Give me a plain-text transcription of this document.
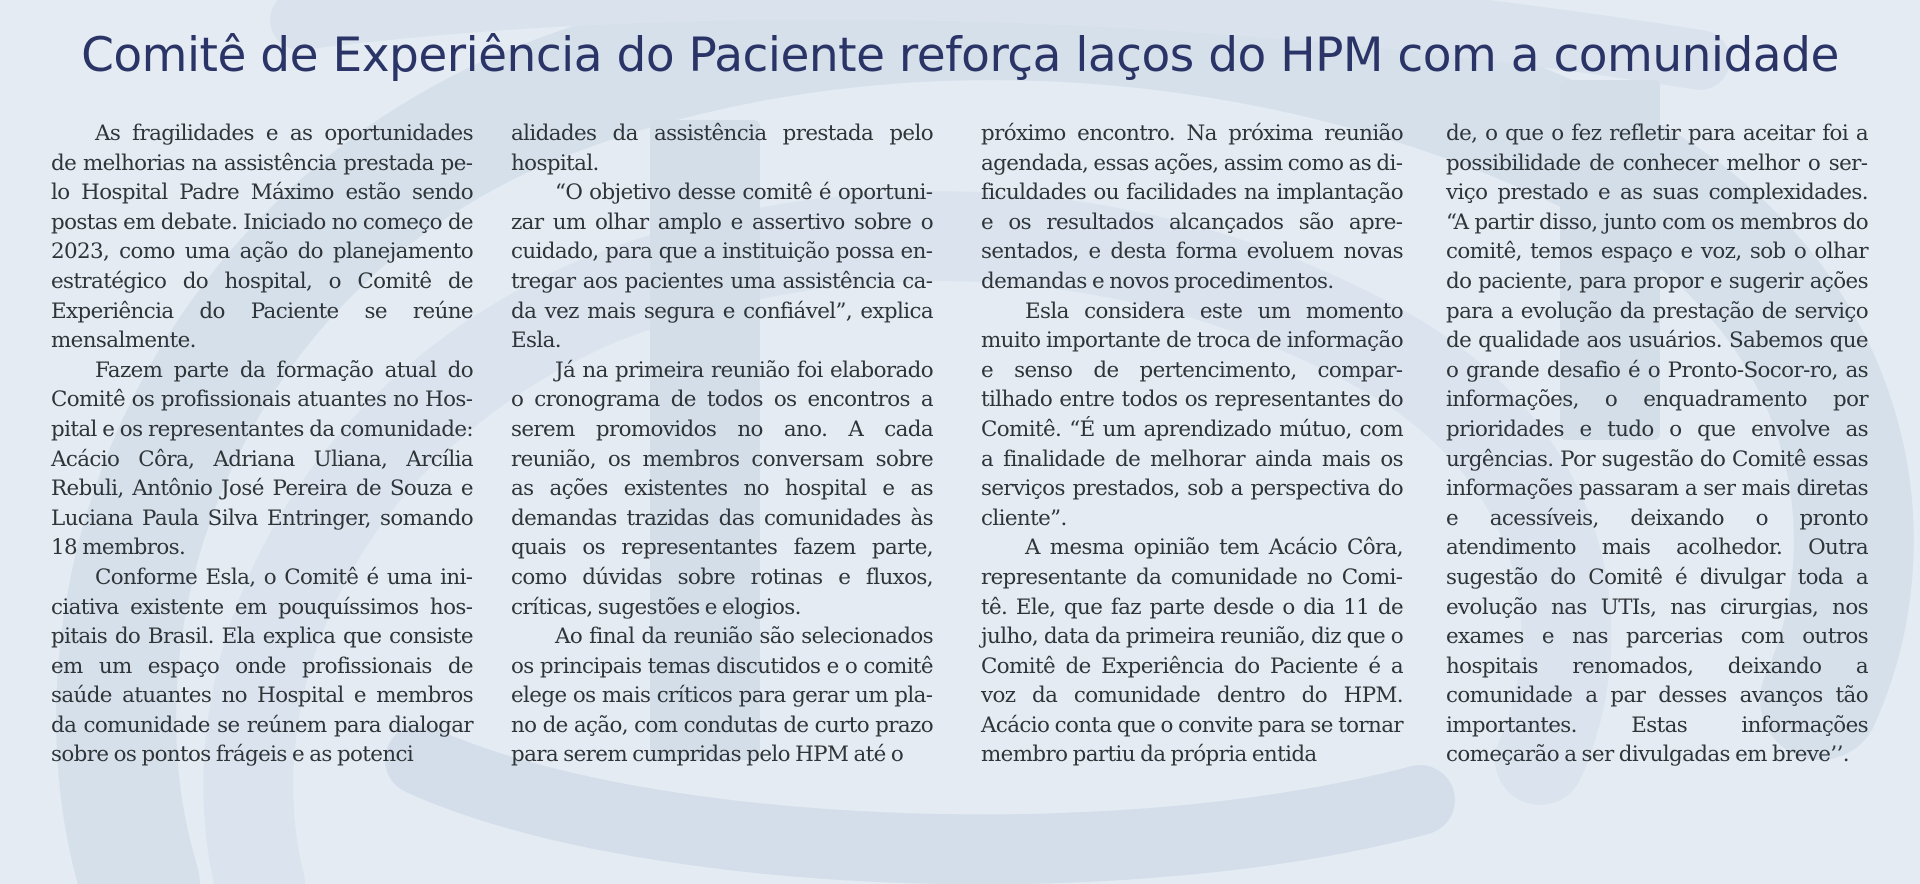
Comitê de Experiência do Paciente reforça laços do HPM com a comunidade

As fragilidades e as oportunidades de melhorias na assistência prestada pelo Hospital Padre Máximo estão sendo postas em debate. Iniciado no começo de 2023, como uma ação do planejamento estratégico do hospital, o Comitê de Experiência do Paciente se reúne mensalmente.

Fazem parte da formação atual do Comitê os profissionais atuantes no Hospital e os representantes da comunidade: Acácio Côra, Adriana Uliana, Arcília Rebuli, Antônio José Pereira de Souza e Luciana Paula Silva Entringer, somando 18 membros.

Conforme Esla, o Comitê é uma iniciativa existente em pouquíssimos hospitais do Brasil. Ela explica que consiste em um espaço onde profissionais de saúde atuantes no Hospital e membros da comunidade se reúnem para dialogar sobre os pontos frágeis e as potenci

alidades da assistência prestada pelo hospital.

“O objetivo desse comitê é oportunizar um olhar amplo e assertivo sobre o cuidado, para que a instituição possa entregar aos pacientes uma assistência cada vez mais segura e confiável”, explica Esla.

Já na primeira reunião foi elaborado o cronograma de todos os encontros a serem promovidos no ano. A cada reunião, os membros conversam sobre as ações existentes no hospital e as demandas trazidas das comunidades às quais os representantes fazem parte, como dúvidas sobre rotinas e fluxos, críticas, sugestões e elogios.

Ao final da reunião são selecionados os principais temas discutidos e o comitê elege os mais críticos para gerar um plano de ação, com condutas de curto prazo para serem cumpridas pelo HPM até o

próximo encontro. Na próxima reunião agendada, essas ações, assim como as dificuldades ou facilidades na implantação e os resultados alcançados são apresentados, e desta forma evoluem novas demandas e novos procedimentos.

Esla considera este um momento muito importante de troca de informação e senso de pertencimento, compartilhado entre todos os representantes do Comitê. “É um aprendizado mútuo, com a finalidade de melhorar ainda mais os serviços prestados, sob a perspectiva do cliente”.

A mesma opinião tem Acácio Côra, representante da comunidade no Comitê. Ele, que faz parte desde o dia 11 de julho, data da primeira reunião, diz que o Comitê de Experiência do Paciente é a voz da comunidade dentro do HPM. Acácio conta que o convite para se tornar membro partiu da própria entida

de, o que o fez refletir para aceitar foi a possibilidade de conhecer melhor o serviço prestado e as suas complexidades. “A partir disso, junto com os membros do comitê, temos espaço e voz, sob o olhar do paciente, para propor e sugerir ações para a evolução da prestação de serviço de qualidade aos usuários. Sabemos que o grande desafio é o Pronto-Socor-ro, as informações, o enquadramento por prioridades e tudo o que envolve as urgências. Por sugestão do Comitê essas informações passaram a ser mais diretas e acessíveis, deixando o pronto atendimento mais acolhedor. Outra sugestão do Comitê é divulgar toda a evolução nas UTIs, nas cirurgias, nos exames e nas parcerias com outros hospitais renomados, deixando a comunidade a par desses avanços tão importantes. Estas informações começarão a ser divulgadas em breve’’.
